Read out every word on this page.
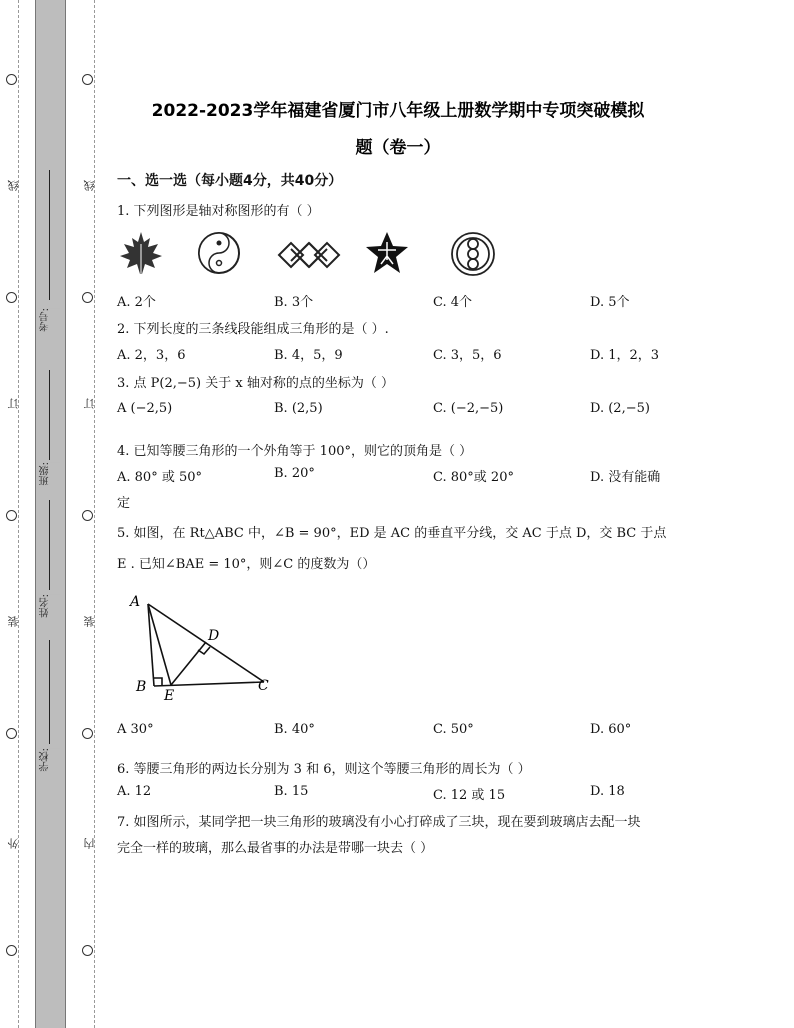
线
订
装
外
线
订
装
内
考号:
班级:
姓名:
学校:
2022-2023学年福建省厦门市八年级上册数学期中专项突破模拟
题（卷一）
一、选一选（每小题4分，共40分）
1. 下列图形是轴对称图形的有（ ）
A. 2个	B. 3个	C. 4个	D. 5个
2. 下列长度的三条线段能组成三角形的是（ ）.
A. 2，3，6	B. 4，5，9	C. 3，5，6	D. 1，2，3
3. 点 P(2,−5) 关于 x 轴对称的点的坐标为（ ）
A (−2,5)	B. (2,5)	C. (−2,−5)	D. (2,−5)
4. 已知等腰三角形的一个外角等于 100°，则它的顶角是（ ）
A. 80° 或 50°	B. 20°	C. 80°或 20°	D. 没有能确
定
5. 如图，在 Rt△ABC 中，∠B = 90°，ED 是 AC 的垂直平分线，交 AC 于点 D，交 BC 于点
E . 已知∠BAE = 10°，则∠C 的度数为（）
A
B
E
D
C
A 30°	B. 40°	C. 50°	D. 60°
6. 等腰三角形的两边长分别为 3 和 6，则这个等腰三角形的周长为（ ）
A. 12	B. 15	C. 12 或 15	D. 18
7. 如图所示，某同学把一块三角形的玻璃没有小心打碎成了三块，现在要到玻璃店去配一块
完全一样的玻璃，那么最省事的办法是带哪一块去（ ）
